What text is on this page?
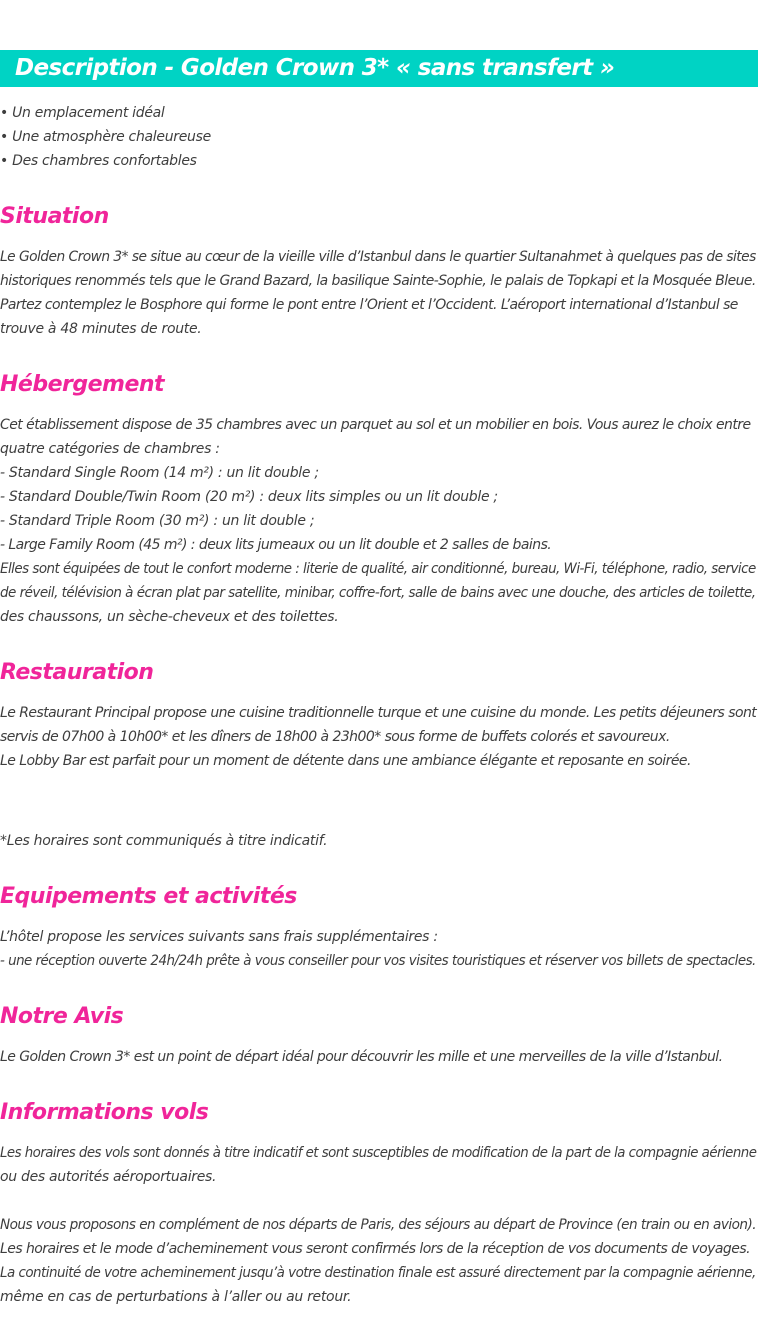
Description - Golden Crown 3* « sans transfert »
• Un emplacement idéal
• Une atmosphère chaleureuse
• Des chambres confortables
Situation
Le Golden Crown 3* se situe au cœur de la vieille ville d’Istanbul dans le quartier Sultanahmet à quelques pas de sites
historiques renommés tels que le Grand Bazard, la basilique Sainte-Sophie, le palais de Topkapi et la Mosquée Bleue.
Partez contemplez le Bosphore qui forme le pont entre l’Orient et l’Occident. L’aéroport international d’Istanbul se
trouve à 48 minutes de route.
Hébergement
Cet établissement dispose de 35 chambres avec un parquet au sol et un mobilier en bois. Vous aurez le choix entre
quatre catégories de chambres :
- Standard Single Room (14 m²) : un lit double ;
- Standard Double/Twin Room (20 m²) : deux lits simples ou un lit double ;
- Standard Triple Room (30 m²) : un lit double ;
- Large Family Room (45 m²) : deux lits jumeaux ou un lit double et 2 salles de bains.
Elles sont équipées de tout le confort moderne : literie de qualité, air conditionné, bureau, Wi-Fi, téléphone, radio, service
de réveil, télévision à écran plat par satellite, minibar, coffre-fort, salle de bains avec une douche, des articles de toilette,
des chaussons, un sèche-cheveux et des toilettes.
Restauration
Le Restaurant Principal propose une cuisine traditionnelle turque et une cuisine du monde. Les petits déjeuners sont
servis de 07h00 à 10h00* et les dîners de 18h00 à 23h00* sous forme de buffets colorés et savoureux.
Le Lobby Bar est parfait pour un moment de détente dans une ambiance élégante et reposante en soirée.
*Les horaires sont communiqués à titre indicatif.
Equipements et activités
L’hôtel propose les services suivants sans frais supplémentaires :
- une réception ouverte 24h/24h prête à vous conseiller pour vos visites touristiques et réserver vos billets de spectacles.
Notre Avis
Le Golden Crown 3* est un point de départ idéal pour découvrir les mille et une merveilles de la ville d’Istanbul.
Informations vols
Les horaires des vols sont donnés à titre indicatif et sont susceptibles de modification de la part de la compagnie aérienne
ou des autorités aéroportuaires.
Nous vous proposons en complément de nos départs de Paris, des séjours au départ de Province (en train ou en avion).
Les horaires et le mode d’acheminement vous seront confirmés lors de la réception de vos documents de voyages.
La continuité de votre acheminement jusqu’à votre destination finale est assuré directement par la compagnie aérienne,
même en cas de perturbations à l’aller ou au retour.
